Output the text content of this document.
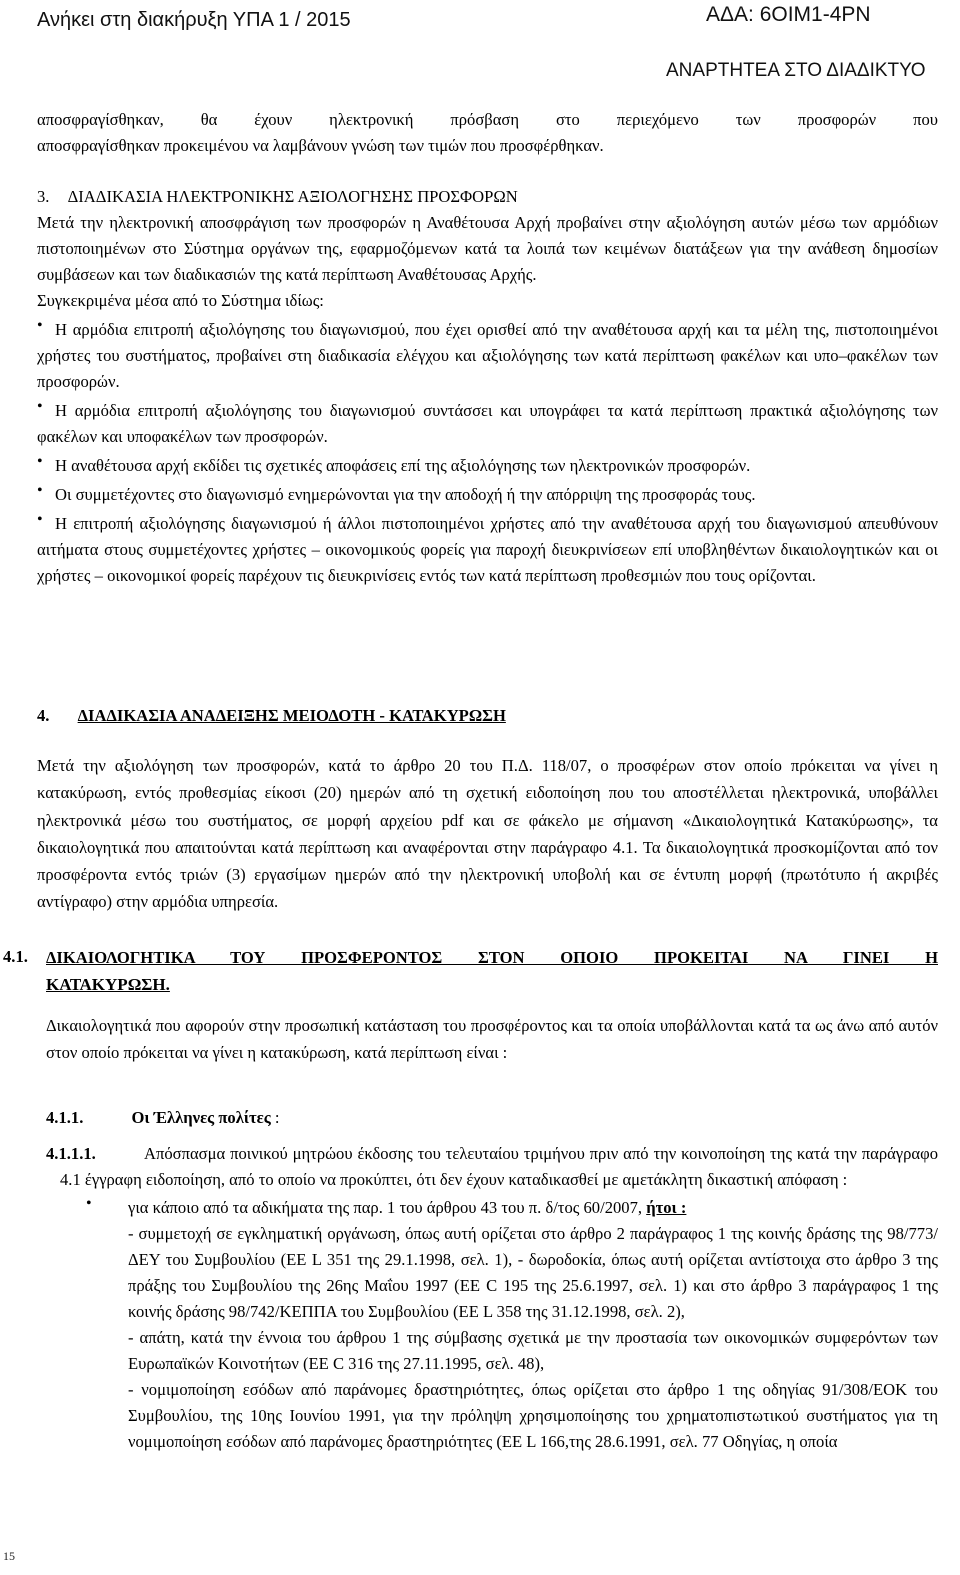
Ανήκει στη διακήρυξη ΥΠΑ 1 / 2015	ΑΔΑ: 6ΟΙΜ1-4ΡΝ
ΑΝΑΡΤΗΤΕΑ ΣΤΟ ΔΙΑΔΙΚΤΥΟ

αποσφραγίσθηκαν, θα έχουν ηλεκτρονική πρόσβαση στο περιεχόμενο των προσφορών που

αποσφραγίσθηκαν προκειμένου να λαμβάνουν γνώση των τιμών που προσφέρθηκαν.

3. ΔΙΑΔΙΚΑΣΙΑ ΗΛΕΚΤΡΟΝΙΚΗΣ ΑΞΙΟΛΟΓΗΣΗΣ ΠΡΟΣΦΟΡΩΝ

Μετά την ηλεκτρονική αποσφράγιση των προσφορών η Αναθέτουσα Αρχή προβαίνει στην αξιολόγηση αυτών μέσω των αρμόδιων πιστοποιημένων στο Σύστημα οργάνων της, εφαρμοζόμενων κατά τα λοιπά των κειμένων διατάξεων για την ανάθεση δημοσίων συμβάσεων και των διαδικασιών της κατά περίπτωση Αναθέτουσας Αρχής.

Συγκεκριμένα μέσα από το Σύστημα ιδίως:

• Η αρμόδια επιτροπή αξιολόγησης του διαγωνισμού, που έχει ορισθεί από την αναθέτουσα αρχή και τα μέλη της, πιστοποιημένοι χρήστες του συστήματος, προβαίνει στη διαδικασία ελέγχου και αξιολόγησης των κατά περίπτωση φακέλων και υπο–φακέλων των προσφορών.

• Η αρμόδια επιτροπή αξιολόγησης του διαγωνισμού συντάσσει και υπογράφει τα κατά περίπτωση πρακτικά αξιολόγησης των φακέλων και υποφακέλων των προσφορών.

• Η αναθέτουσα αρχή εκδίδει τις σχετικές αποφάσεις επί της αξιολόγησης των ηλεκτρονικών προσφορών.

• Οι συμμετέχοντες στο διαγωνισμό ενημερώνονται για την αποδοχή ή την απόρριψη της προσφοράς τους.

• Η επιτροπή αξιολόγησης διαγωνισμού ή άλλοι πιστοποιημένοι χρήστες από την αναθέτουσα αρχή του διαγωνισμού απευθύνουν αιτήματα στους συμμετέχοντες χρήστες – οικονομικούς φορείς για παροχή διευκρινίσεων επί υποβληθέντων δικαιολογητικών και οι χρήστες – οικονομικοί φορείς παρέχουν τις διευκρινίσεις εντός των κατά περίπτωση προθεσμιών που τους ορίζονται.

4. ΔΙΑΔΙΚΑΣΙΑ ΑΝΑΔΕΙΞΗΣ ΜΕΙΟΔΟΤΗ - ΚΑΤΑΚΥΡΩΣΗ

Μετά την αξιολόγηση των προσφορών, κατά το άρθρο 20 του Π.Δ. 118/07, ο προσφέρων στον οποίο πρόκειται να γίνει η κατακύρωση, εντός προθεσμίας είκοσι (20) ημερών από τη σχετική ειδοποίηση που του αποστέλλεται ηλεκτρονικά, υποβάλλει ηλεκτρονικά μέσω του συστήματος, σε μορφή αρχείου pdf και σε φάκελο με σήμανση «Δικαιολογητικά Κατακύρωσης», τα δικαιολογητικά που απαιτούνται κατά περίπτωση και αναφέρονται στην παράγραφο 4.1. Τα δικαιολογητικά προσκομίζονται από τον προσφέροντα εντός τριών (3) εργασίμων ημερών από την ηλεκτρονική υποβολή και σε έντυπη μορφή (πρωτότυπο ή ακριβές αντίγραφο) στην αρμόδια υπηρεσία.

4.1. ΔΙΚΑΙΟΛΟΓΗΤΙΚΑ ΤΟΥ ΠΡΟΣΦΕΡΟΝΤΟΣ ΣΤΟΝ ΟΠΟΙΟ ΠΡΟΚΕΙΤΑΙ ΝΑ ΓΙΝΕΙ Η
ΚΑΤΑΚΥΡΩΣΗ.

Δικαιολογητικά που αφορούν στην προσωπική κατάσταση του προσφέροντος και τα οποία υποβάλλονται κατά τα ως άνω από αυτόν στον οποίο πρόκειται να γίνει η κατακύρωση, κατά περίπτωση είναι :

4.1.1.	Οι Έλληνες πολίτες :

4.1.1.1.	Απόσπασμα ποινικού μητρώου έκδοσης του τελευταίου τριμήνου πριν από την κοινοποίηση της κατά την παράγραφο 4.1 έγγραφη ειδοποίηση, από το οποίο να προκύπτει, ότι δεν έχουν καταδικασθεί με αμετάκλητη δικαστική απόφαση :

•	για κάποιο από τα αδικήματα της παρ. 1 του άρθρου 43 του π. δ/τος 60/2007, ήτοι :

- συμμετοχή σε εγκληματική οργάνωση, όπως αυτή ορίζεται στο άρθρο 2 παράγραφος 1 της κοινής δράσης της 98/773/ΔΕΥ του Συμβουλίου (ΕΕ L 351 της 29.1.1998, σελ. 1), - δωροδοκία, όπως αυτή ορίζεται αντίστοιχα στο άρθρο 3 της πράξης του Συμβουλίου της 26ης Μαΐου 1997 (ΕΕ C 195 της 25.6.1997, σελ. 1) και στο άρθρο 3 παράγραφος 1 της κοινής δράσης 98/742/ΚΕΠΠΑ του Συμβουλίου (ΕΕ L 358 της 31.12.1998, σελ. 2),

- απάτη, κατά την έννοια του άρθρου 1 της σύμβασης σχετικά με την προστασία των οικονομικών συμφερόντων των Ευρωπαϊκών Κοινοτήτων (ΕΕ C 316 της 27.11.1995, σελ. 48),

- νομιμοποίηση εσόδων από παράνομες δραστηριότητες, όπως ορίζεται στο άρθρο 1 της οδηγίας 91/308/ΕΟΚ του Συμβουλίου, της 10ης Ιουνίου 1991, για την πρόληψη χρησιμοποίησης του χρηματοπιστωτικού συστήματος για τη νομιμοποίηση εσόδων από παράνομες δραστηριότητες (ΕΕ L 166,της 28.6.1991, σελ. 77 Οδηγίας, η οποία

15
